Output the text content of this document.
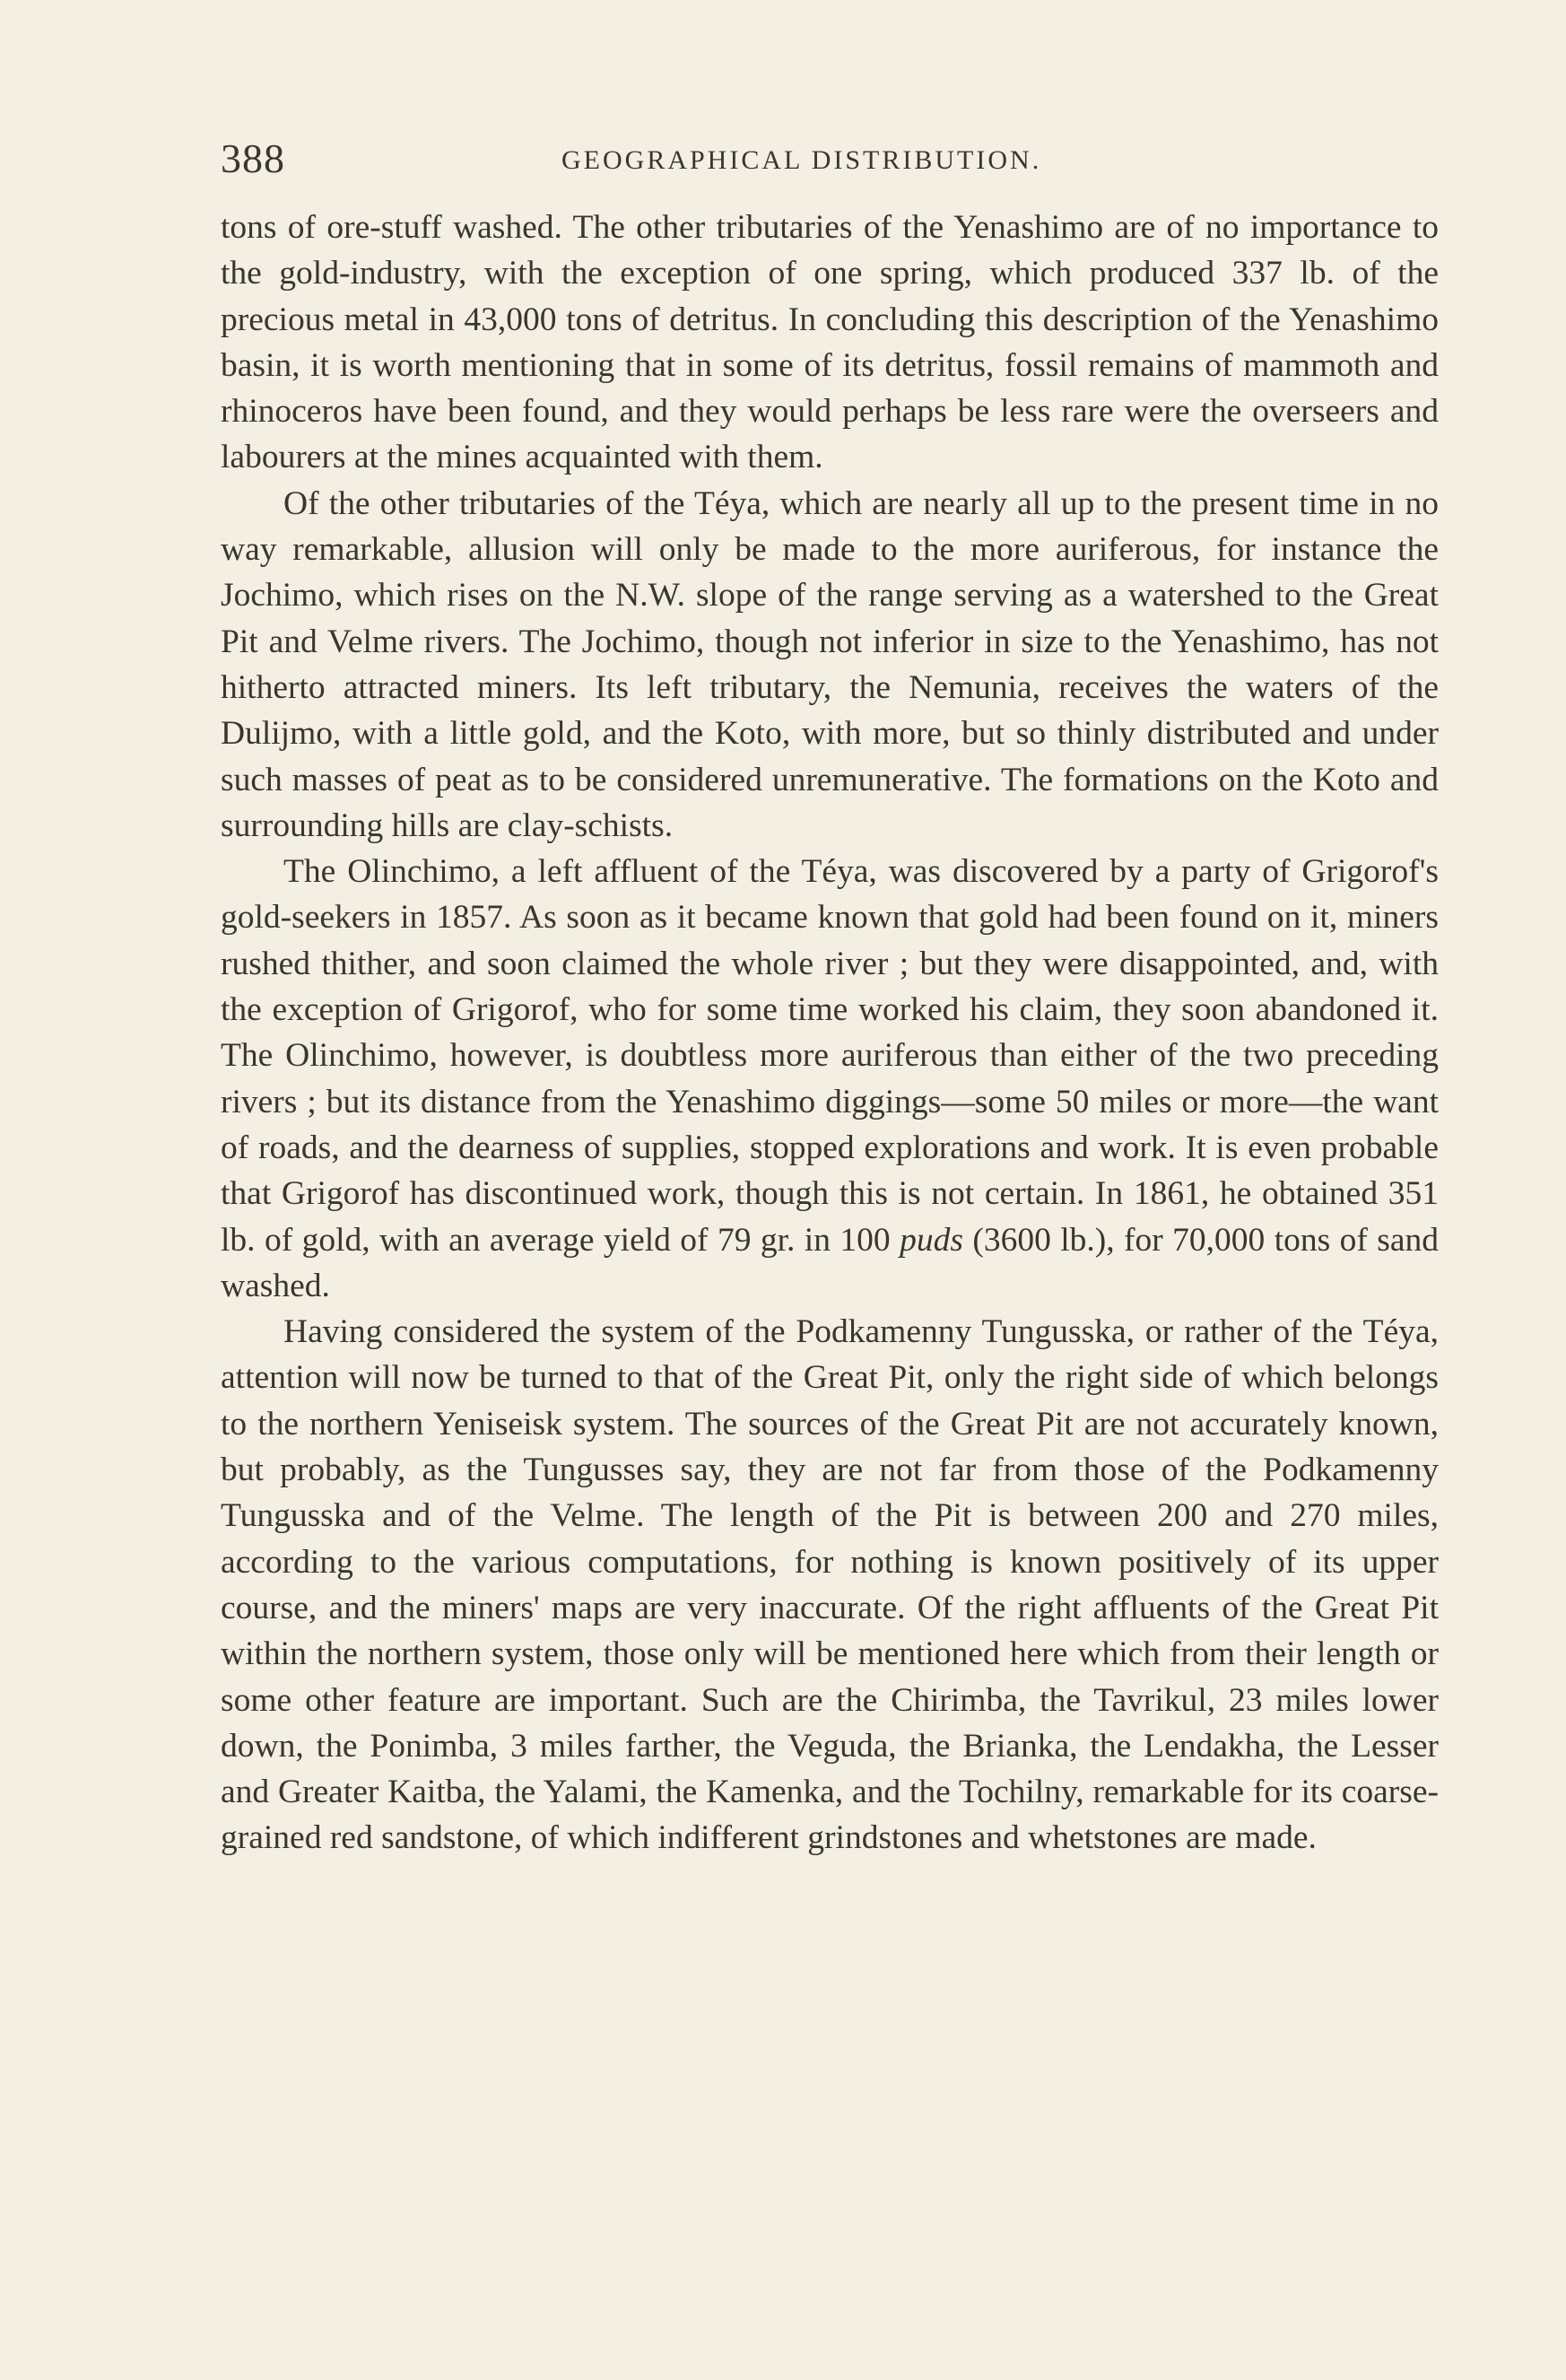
388	GEOGRAPHICAL DISTRIBUTION.

tons of ore-stuff washed. The other tributaries of the Yenashimo are of no importance to the gold-industry, with the exception of one spring, which produced 337 lb. of the precious metal in 43,000 tons of detritus. In concluding this description of the Yenashimo basin, it is worth mentioning that in some of its detritus, fossil remains of mammoth and rhinoceros have been found, and they would perhaps be less rare were the overseers and labourers at the mines acquainted with them.

Of the other tributaries of the Téya, which are nearly all up to the present time in no way remarkable, allusion will only be made to the more auriferous, for instance the Jochimo, which rises on the N.W. slope of the range serving as a watershed to the Great Pit and Velme rivers. The Jochimo, though not inferior in size to the Yenashimo, has not hitherto attracted miners. Its left tributary, the Nemunia, receives the waters of the Dulijmo, with a little gold, and the Koto, with more, but so thinly distributed and under such masses of peat as to be considered unremunerative. The formations on the Koto and surrounding hills are clay-schists.

The Olinchimo, a left affluent of the Téya, was discovered by a party of Grigorof's gold-seekers in 1857. As soon as it became known that gold had been found on it, miners rushed thither, and soon claimed the whole river ; but they were disappointed, and, with the exception of Grigorof, who for some time worked his claim, they soon abandoned it. The Olinchimo, however, is doubtless more auriferous than either of the two preceding rivers ; but its distance from the Yenashimo diggings—some 50 miles or more—the want of roads, and the dearness of supplies, stopped explorations and work. It is even probable that Grigorof has discontinued work, though this is not certain. In 1861, he obtained 351 lb. of gold, with an average yield of 79 gr. in 100 puds (3600 lb.), for 70,000 tons of sand washed.

Having considered the system of the Podkamenny Tungusska, or rather of the Téya, attention will now be turned to that of the Great Pit, only the right side of which belongs to the northern Yeniseisk system. The sources of the Great Pit are not accurately known, but probably, as the Tungusses say, they are not far from those of the Podkamenny Tungusska and of the Velme. The length of the Pit is between 200 and 270 miles, according to the various computations, for nothing is known positively of its upper course, and the miners' maps are very inaccurate. Of the right affluents of the Great Pit within the northern system, those only will be mentioned here which from their length or some other feature are important. Such are the Chirimba, the Tavrikul, 23 miles lower down, the Ponimba, 3 miles farther, the Veguda, the Brianka, the Lendakha, the Lesser and Greater Kaitba, the Yalami, the Kamenka, and the Tochilny, remarkable for its coarse-grained red sandstone, of which indifferent grindstones and whetstones are made.
